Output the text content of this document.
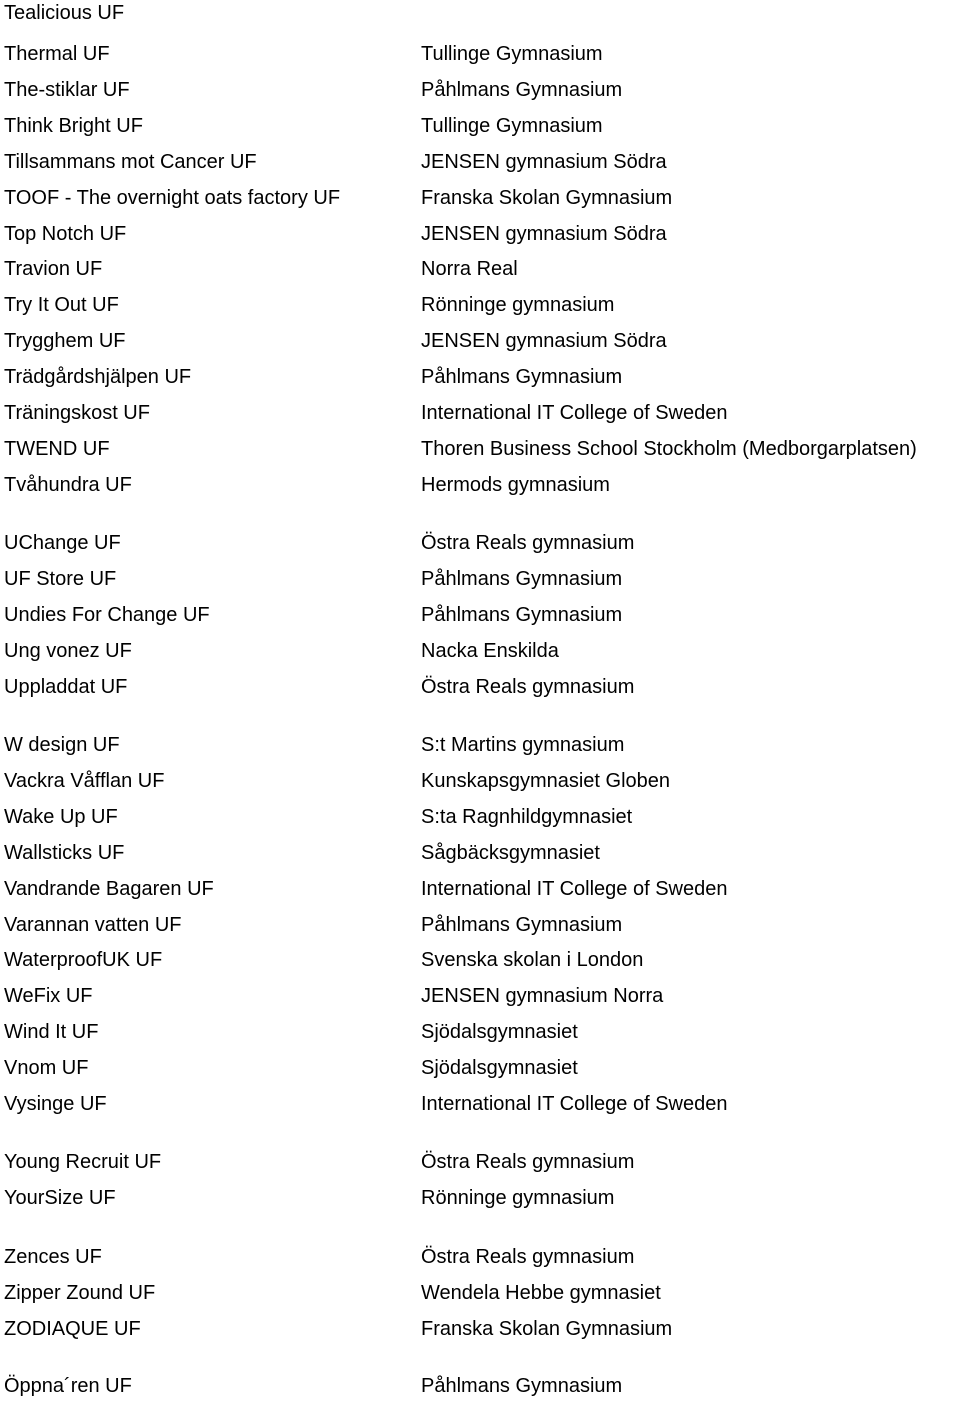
Tealicious UF
Thermal UF
The-stiklar UF
Think Bright UF
Tillsammans mot Cancer UF
TOOF - The overnight oats factory UF
Top Notch UF
Travion UF
Try It Out UF
Trygghem UF
Trädgårdshjälpen UF
Träningskost UF
TWEND UF
Tvåhundra UF
UChange UF
UF Store UF
Undies For Change UF
Ung vonez UF
Uppladdat UF
W design UF
Vackra Våfflan UF
Wake Up UF
Wallsticks UF
Vandrande Bagaren UF
Varannan vatten UF
WaterproofUK UF
WeFix UF
Wind It UF
Vnom UF
Vysinge UF
Young Recruit UF
YourSize UF
Zences UF
Zipper Zound UF
ZODIAQUE UF
Öppna´ren UF
Tullinge Gymnasium
Påhlmans Gymnasium
Tullinge Gymnasium
JENSEN gymnasium Södra
Franska Skolan Gymnasium
JENSEN gymnasium Södra
Norra Real
Rönninge gymnasium
JENSEN gymnasium Södra
Påhlmans Gymnasium
International IT College of Sweden
Thoren Business School Stockholm (Medborgarplatsen)
Hermods gymnasium
Östra Reals gymnasium
Påhlmans Gymnasium
Påhlmans Gymnasium
Nacka Enskilda
Östra Reals gymnasium
S:t Martins gymnasium
Kunskapsgymnasiet Globen
S:ta Ragnhildgymnasiet
Sågbäcksgymnasiet
International IT College of Sweden
Påhlmans Gymnasium
Svenska skolan i London
JENSEN gymnasium Norra
Sjödalsgymnasiet
Sjödalsgymnasiet
International IT College of Sweden
Östra Reals gymnasium
Rönninge gymnasium
Östra Reals gymnasium
Wendela Hebbe gymnasiet
Franska Skolan Gymnasium
Påhlmans Gymnasium
